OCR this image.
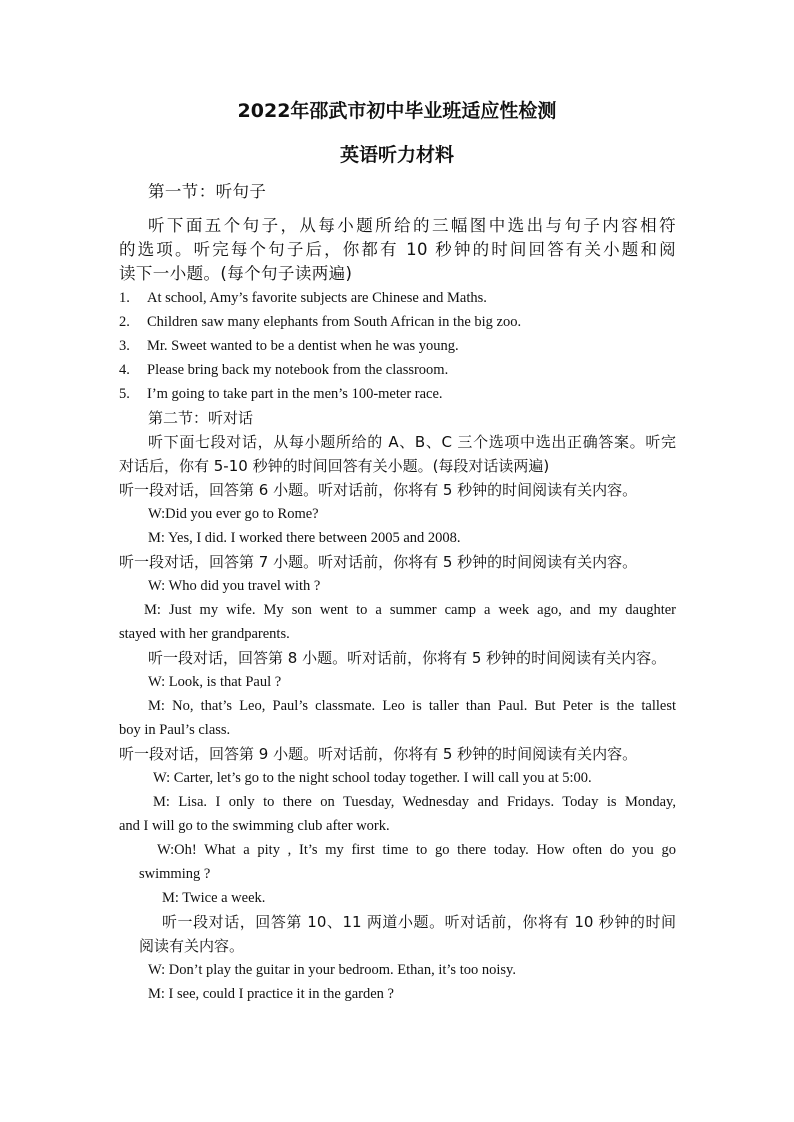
2022年邵武市初中毕业班适应性检测
英语听力材料
第一节：听句子
听下面五个句子，从每小题所给的三幅图中选出与句子内容相符
的选项。听完每个句子后，你都有 10 秒钟的时间回答有关小题和阅
读下一小题。(每个句子读两遍)
1. At school, Amy’s favorite subjects are Chinese and Maths.
2. Children saw many elephants from South African in the big zoo.
3. Mr. Sweet wanted to be a dentist when he was young.
4. Please bring back my notebook from the classroom.
5. I’m going to take part in the men’s 100-meter race.
第二节：听对话
听下面七段对话，从每小题所给的 A、B、C 三个选项中选出正确答案。听完
对话后，你有 5-10 秒钟的时间回答有关小题。(每段对话读两遍)
听一段对话，回答第 6 小题。听对话前，你将有 5 秒钟的时间阅读有关内容。
W:Did you ever go to Rome?
M: Yes, I did. I worked there between 2005 and 2008.
听一段对话，回答第 7 小题。听对话前，你将有 5 秒钟的时间阅读有关内容。
W: Who did you travel with ?
M: Just my wife. My son went to a summer camp a week ago, and my daughter
stayed with her grandparents.
听一段对话，回答第 8 小题。听对话前，你将有 5 秒钟的时间阅读有关内容。
W: Look, is that Paul ?
M: No, that’s Leo, Paul’s classmate. Leo is taller than Paul. But Peter is the tallest
boy in Paul’s class.
听一段对话，回答第 9 小题。听对话前，你将有 5 秒钟的时间阅读有关内容。
W: Carter, let’s go to the night school today together. I will call you at 5:00.
M: Lisa. I only to there on Tuesday, Wednesday and Fridays. Today is Monday,
and I will go to the swimming club after work.
W:Oh! What a pity , It’s my first time to go there today. How often do you go
swimming ?
M: Twice a week.
听一段对话，回答第 10、11 两道小题。听对话前，你将有 10 秒钟的时间
阅读有关内容。
W: Don’t play the guitar in your bedroom. Ethan, it’s too noisy.
M: I see, could I practice it in the garden ?
